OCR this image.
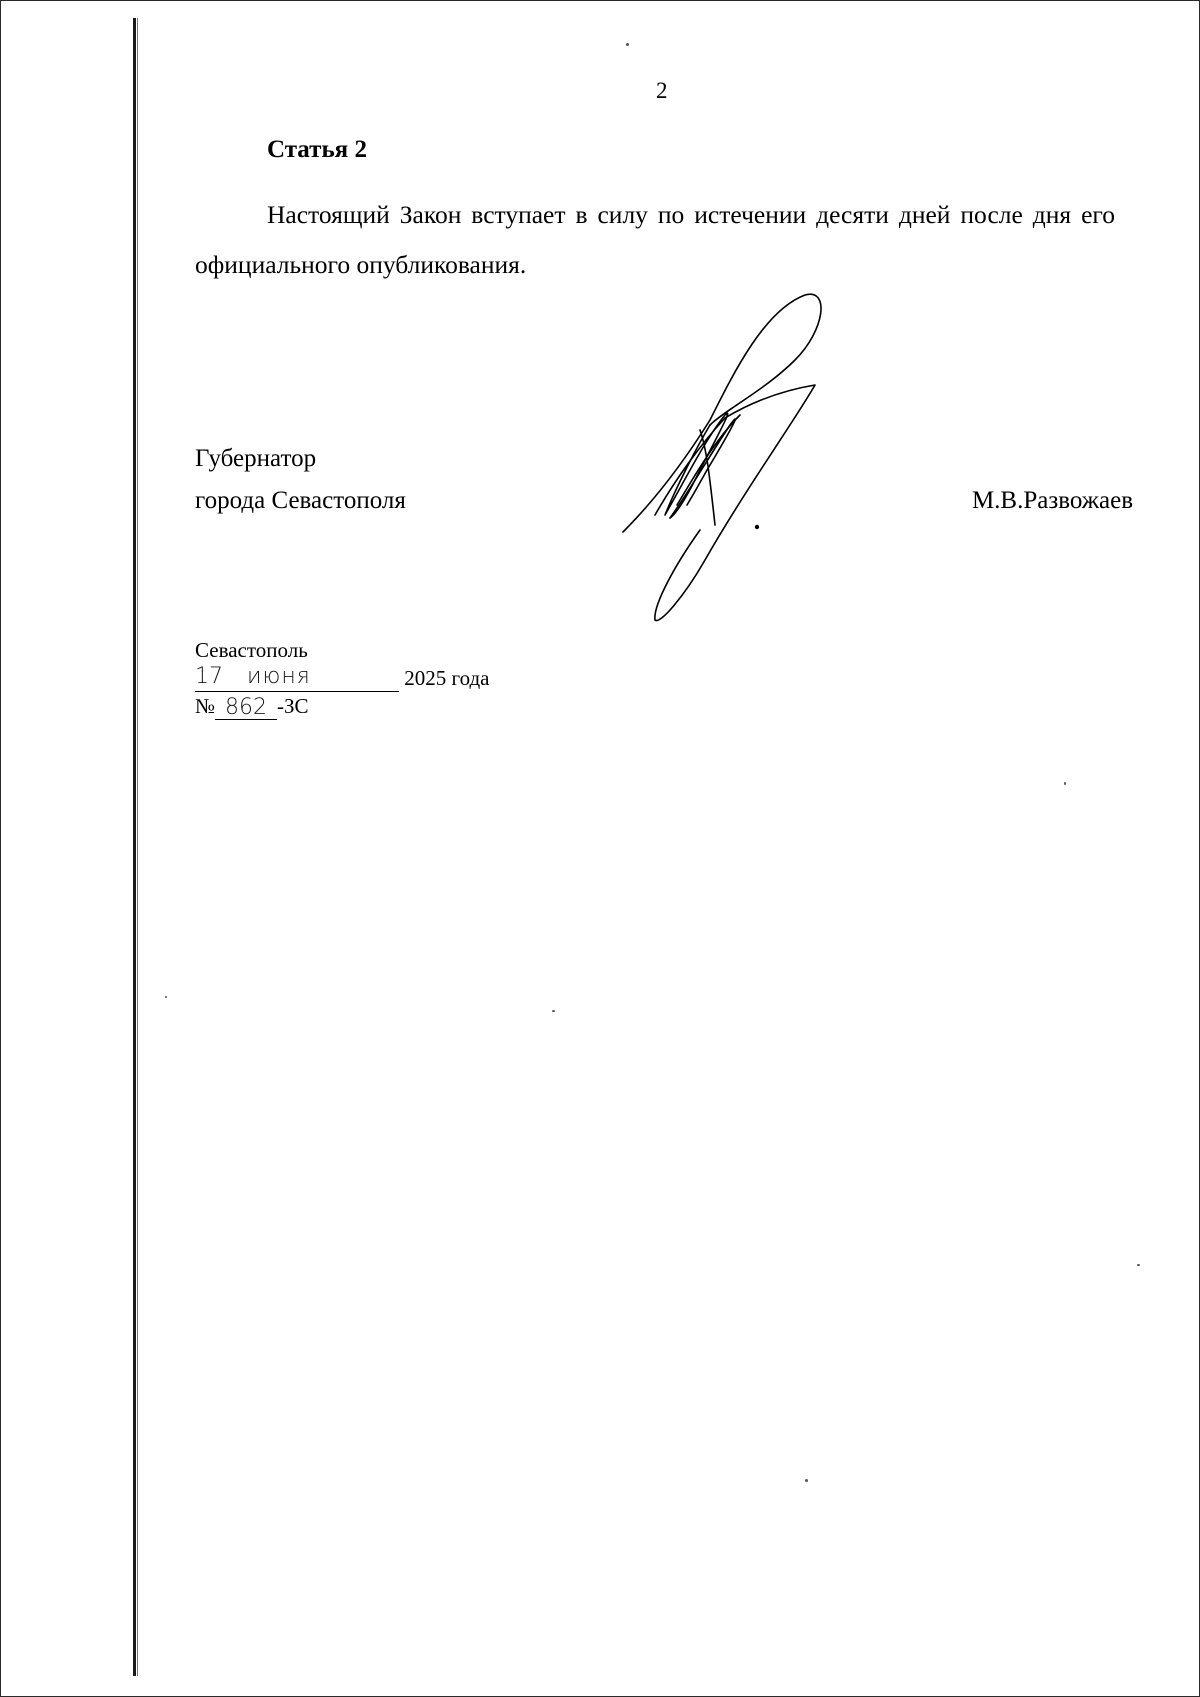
2
Статья 2
Настоящий Закон вступает в силу по истечении десяти дней после дня его официального опубликования.
Губернатор
города Севастополя	М.В.Развожаев
Севастополь
17 июня	2025 года
№ 862 -ЗС
